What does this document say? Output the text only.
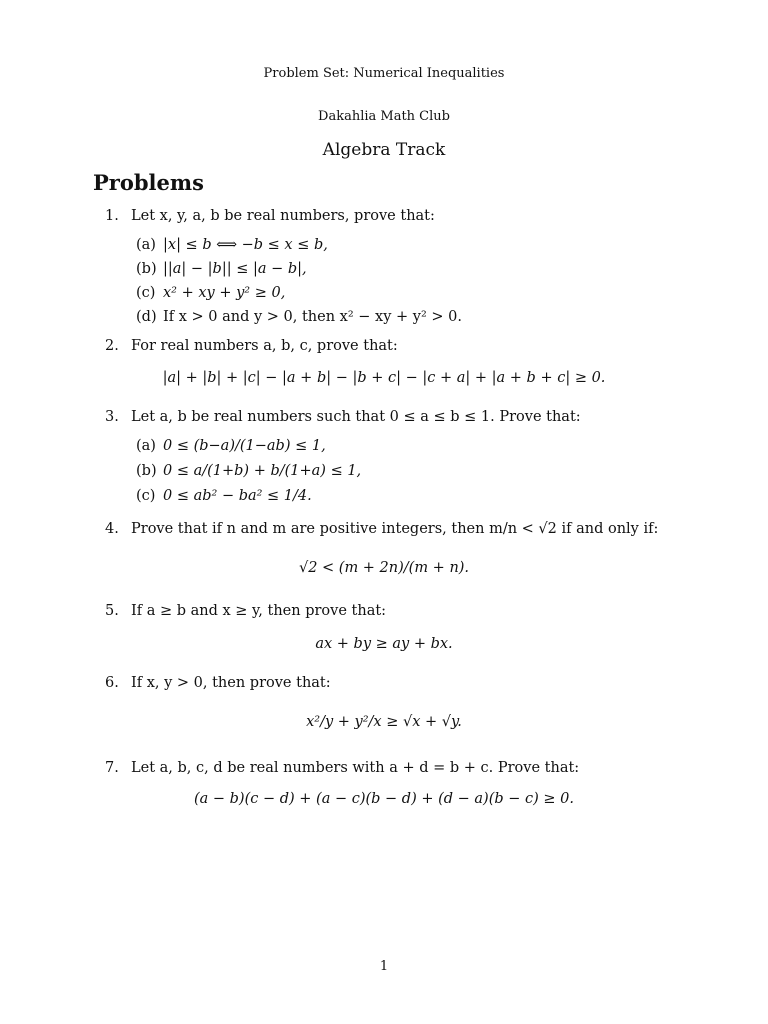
Problem Set: Numerical Inequalities
Dakahlia Math Club
Algebra Track
Problems
1. Let x, y, a, b be real numbers, prove that:
(a) |x| ≤ b ⟺ −b ≤ x ≤ b,
(b) ||a| − |b|| ≤ |a − b|,
(c) x² + xy + y² ≥ 0,
(d) If x > 0 and y > 0, then x² − xy + y² > 0.
2. For real numbers a, b, c, prove that:
|a| + |b| + |c| − |a + b| − |b + c| − |c + a| + |a + b + c| ≥ 0.
3. Let a, b be real numbers such that 0 ≤ a ≤ b ≤ 1. Prove that:
(a) 0 ≤ (b−a)/(1−ab) ≤ 1,
(b) 0 ≤ a/(1+b) + b/(1+a) ≤ 1,
(c) 0 ≤ ab² − ba² ≤ 1/4.
4. Prove that if n and m are positive integers, then m/n < √2 if and only if:
√2 < (m + 2n)/(m + n).
5. If a ≥ b and x ≥ y, then prove that:
ax + by ≥ ay + bx.
6. If x, y > 0, then prove that:
x²/y + y²/x ≥ √x + √y.
7. Let a, b, c, d be real numbers with a + d = b + c. Prove that:
(a − b)(c − d) + (a − c)(b − d) + (d − a)(b − c) ≥ 0.
1
